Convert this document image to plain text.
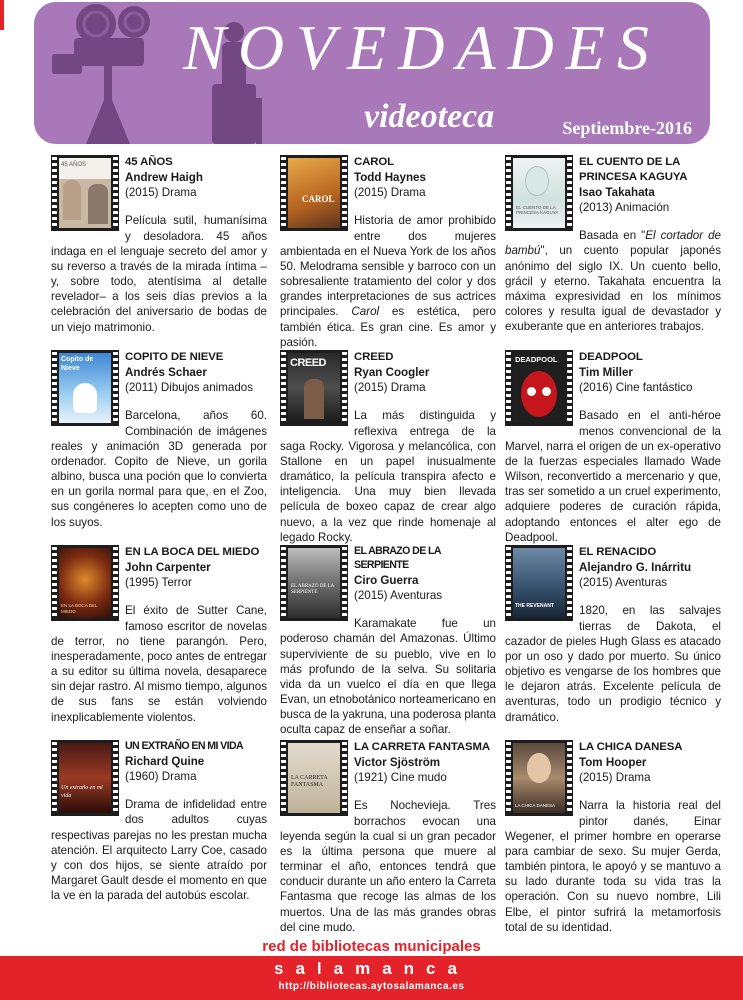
NOVEDADES
videoteca	Septiembre-2016
45 AÑOS	45 AÑOS
Andrew Haigh
(2015) Drama
Película sutil, humanísima y desoladora. 45 años indaga en el lenguaje secreto del amor y su reverso a través de la mirada íntima –y, sobre todo, atentísima al detalle revelador– a los seis días previos a la celebración del aniversario de bodas de un viejo matrimonio.
CAROL
CAROL
Todd Haynes
(2015) Drama
Historia de amor prohibido entre dos mujeres ambientada en el Nueva York de los años 50. Melodrama sensible y barroco con un sobresaliente tratamiento del color y dos grandes interpretaciones de sus actrices principales. Carol es estética, pero también ética. Es gran cine. Es amor y pasión.
EL CUENTO DE LA PRINCESA KAGUYA
EL CUENTO DE LA PRINCESA KAGUYA
Isao Takahata
(2013) Animación
Basada en "El cortador de bambú", un cuento popular japonés anónimo del siglo IX. Un cuento bello, grácil y eterno. Takahata encuentra la máxima expresividad en los mínimos colores y resulta igual de devastador y exuberante que en anteriores trabajos.
Copito de Nieve
COPITO DE NIEVE
Andrés Schaer
(2011) Dibujos animados
Barcelona, años 60. Combinación de imágenes reales y animación 3D generada por ordenador. Copito de Nieve, un gorila albino, busca una poción que lo convierta en un gorila normal para que, en el Zoo, sus congéneres lo acepten como uno de los suyos.
CREED	CREED
Ryan Coogler
(2015) Drama
La más distinguida y reflexiva entrega de la saga Rocky. Vigorosa y melancólica, con Stallone en un papel inusualmente dramático, la película transpira afecto e inteligencia. Una muy bien llevada película de boxeo capaz de crear algo nuevo, a la vez que rinde homenaje al legado Rocky.
DEADPOOL	DEADPOOL
Tim Miller
(2016) Cine fantástico
Basado en el anti-héroe menos convencional de la Marvel, narra el origen de un ex-operativo de la fuerzas especiales llamado Wade Wilson, reconvertido a mercenario y que, tras ser sometido a un cruel experimento, adquiere poderes de curación rápida, adoptando entonces el alter ego de Deadpool.
EN LA BOCA DEL MIEDO
EN LA BOCA DEL MIEDO
John Carpenter
(1995) Terror
El éxito de Sutter Cane, famoso escritor de novelas de terror, no tiene parangón. Pero, inesperadamente, poco antes de entregar a su editor su última novela, desaparece sin dejar rastro. Al mismo tiempo, algunos de sus fans se están volviendo inexplicablemente violentos.
EL ABRAZO DE LA SERPIENTE
EL ABRAZO DE LA SERPIENTE
Ciro Guerra
(2015) Aventuras
Karamakate fue un poderoso chamán del Amazonas. Último superviviente de su pueblo, vive en lo más profundo de la selva. Su solitaria vida da un vuelco el día en que llega Evan, un etnobotánico norteamericano en busca de la yakruna, una poderosa planta oculta capaz de enseñar a soñar.
THE REVENANT
EL RENACIDO
Alejandro G. Inárritu
(2015) Aventuras
1820, en las salvajes tierras de Dakota, el cazador de pieles Hugh Glass es atacado por un oso y dado por muerto. Su único objetivo es vengarse de los hombres que le dejaron atrás. Excelente película de aventuras, todo un prodigio técnico y dramático.
Un extraño en mi vida
UN EXTRAÑO EN MI VIDA
Richard Quine
(1960) Drama
Drama de infidelidad entre dos adultos cuyas respectivas parejas no les prestan mucha atención. El arquitecto Larry Coe, casado y con dos hijos, se siente atraído por Margaret Gault desde el momento en que la ve en la parada del autobús escolar.
LA CARRETA FANTASMA
LA CARRETA FANTASMA
Victor Sjöström
(1921) Cine mudo
Es Nochevieja. Tres borrachos evocan una leyenda según la cual si un gran pecador es la última persona que muere al terminar el año, entonces tendrá que conducir durante un año entero la Carreta Fantasma que recoge las almas de los muertos. Una de las más grandes obras del cine mudo.
LA CHICA DANESA
LA CHICA DANESA
Tom Hooper
(2015) Drama
Narra la historia real del pintor danés, Einar Wegener, el primer hombre en operarse para cambiar de sexo. Su mujer Gerda, también pintora, le apoyó y se mantuvo a su lado durante toda su vida tras la operación. Con su nuevo nombre, Lili Elbe, el pintor sufrirá la metamorfosis total de su identidad.
red de bibliotecas municipales
salamanca
http://bibliotecas.aytosalamanca.es
